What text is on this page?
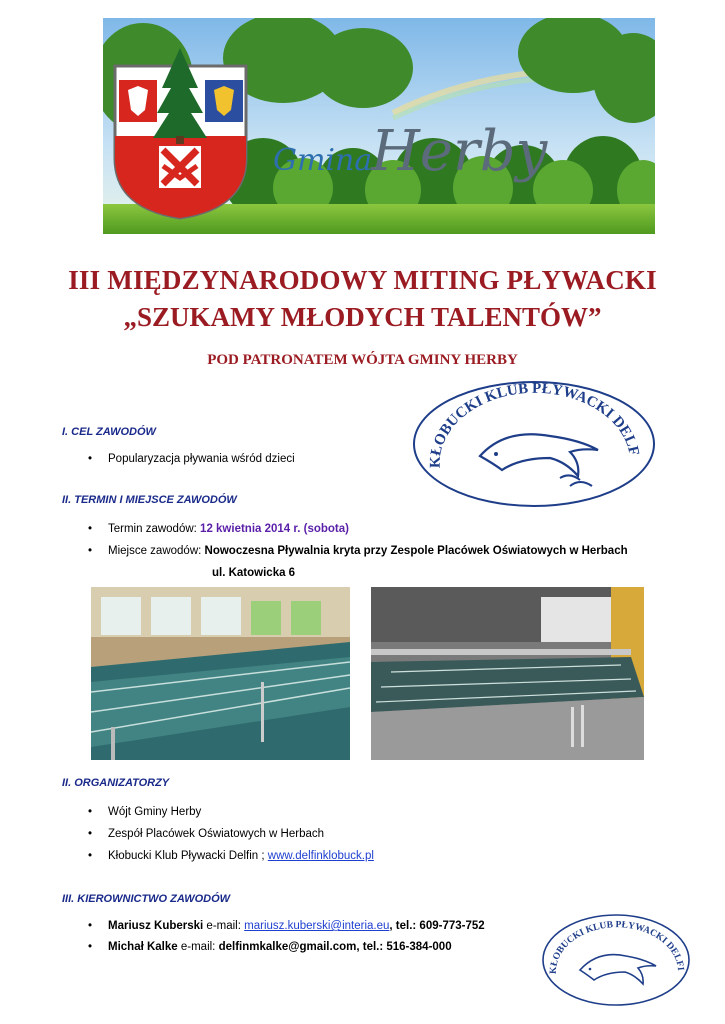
Gmina
Herby
III MIĘDZYNARODOWY MITING PŁYWACKI
„SZUKAMY MŁODYCH TALENTÓW”
POD PATRONATEM WÓJTA GMINY HERBY
KŁOBUCKI KLUB PŁYWACKI DELF
I. CEL ZAWODÓW
• Popularyzacja pływania wśród dzieci
II. TERMIN I MIEJSCE ZAWODÓW
• Termin zawodów: 12 kwietnia 2014 r. (sobota)
• Miejsce zawodów: Nowoczesna Pływalnia kryta przy Zespole Placówek Oświatowych w Herbach
ul. Katowicka 6
II. ORGANIZATORZY
• Wójt Gminy Herby
• Zespół Placówek Oświatowych w Herbach
• Kłobucki Klub Pływacki Delfin ; www.delfinklobuck.pl
III. KIEROWNICTWO ZAWODÓW
• Mariusz Kuberski e-mail: mariusz.kuberski@interia.eu, tel.: 609-773-752
• Michał Kalke e-mail: delfinmkalke@gmail.com, tel.: 516-384-000
KŁOBUCKI KLUB PŁYWACKI DELFI
